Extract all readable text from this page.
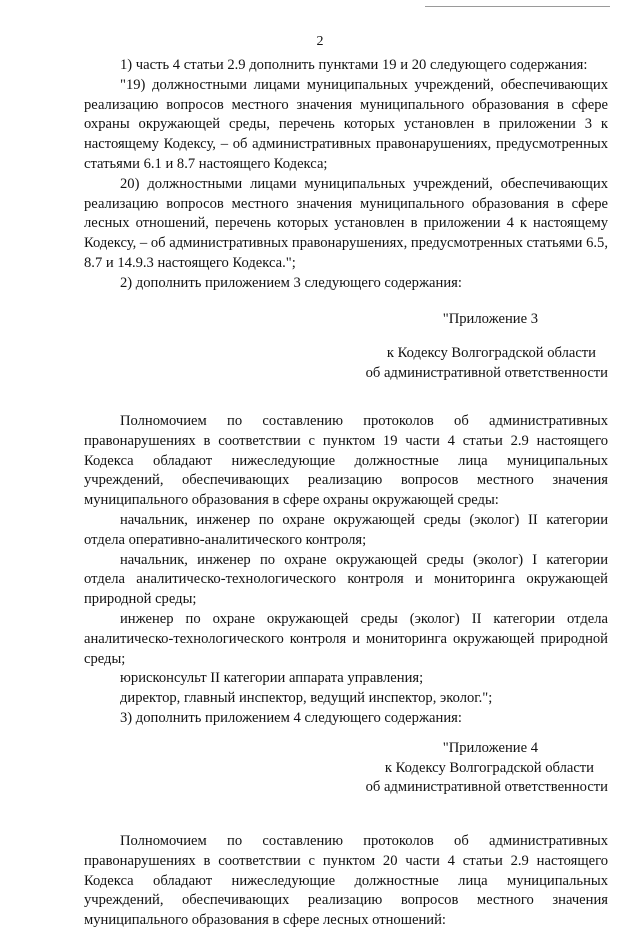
2

1) часть 4 статьи 2.9 дополнить пунктами 19 и 20 следующего содержания:

"19) должностными лицами муниципальных учреждений, обеспечивающих реализацию вопросов местного значения муниципального образования в сфере охраны окружающей среды, перечень которых установлен в приложении 3 к настоящему Кодексу, – об административных правонарушениях, предусмотренных статьями 6.1 и 8.7 настоящего Кодекса;

20) должностными лицами муниципальных учреждений, обеспечивающих реализацию вопросов местного значения муниципального образования в сфере лесных отношений, перечень которых установлен в приложении 4 к настоящему Кодексу, – об административных правонарушениях, предусмотренных статьями 6.5, 8.7 и 14.9.3 настоящего Кодекса.";

2) дополнить приложением 3 следующего содержания:

"Приложение 3

к Кодексу Волгоградской области

об административной ответственности

Полномочием по составлению протоколов об административных правонарушениях в соответствии с пунктом 19 части 4 статьи 2.9 настоящего Кодекса обладают нижеследующие должностные лица муниципальных учреждений, обеспечивающих реализацию вопросов местного значения муниципального образования в сфере охраны окружающей среды:

начальник, инженер по охране окружающей среды (эколог) II категории отдела оперативно-аналитического контроля;

начальник, инженер по охране окружающей среды (эколог) I категории отдела аналитическо-технологического контроля и мониторинга окружающей природной среды;

инженер по охране окружающей среды (эколог) II категории отдела аналитическо-технологического контроля и мониторинга окружающей природной среды;

юрисконсульт II категории аппарата управления;

директор, главный инспектор, ведущий инспектор, эколог.";

3) дополнить приложением 4 следующего содержания:

"Приложение 4

к Кодексу Волгоградской области

об административной ответственности

Полномочием по составлению протоколов об административных правонарушениях в соответствии с пунктом 20 части 4 статьи 2.9 настоящего Кодекса обладают нижеследующие должностные лица муниципальных учреждений, обеспечивающих реализацию вопросов местного значения муниципального образования в сфере лесных отношений:
